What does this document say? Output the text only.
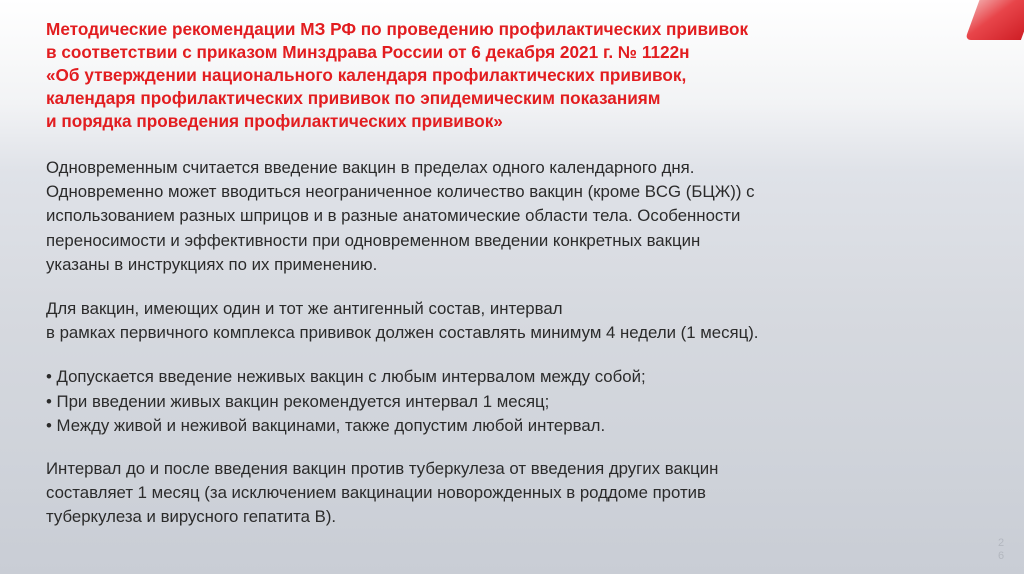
Методические рекомендации МЗ РФ по проведению профилактических прививок
в соответствии с приказом Минздрава России от 6 декабря 2021 г. № 1122н
«Об утверждении национального календаря профилактических прививок,
календаря профилактических прививок по эпидемическим показаниям
и порядка проведения профилактических прививок»

Одновременным считается введение вакцин в пределах одного календарного дня.
Одновременно может вводиться неограниченное количество вакцин (кроме BCG (БЦЖ)) с
использованием разных шприцов и в разные анатомические области тела. Особенности
переносимости и эффективности при одновременном введении конкретных вакцин
указаны в инструкциях по их применению.

Для вакцин, имеющих один и тот же антигенный состав, интервал
в рамках первичного комплекса прививок должен составлять минимум 4 недели (1 месяц).

• Допускается введение неживых вакцин с любым интервалом между собой;
• При введении живых вакцин рекомендуется интервал 1 месяц;
• Между живой и неживой вакцинами, также допустим любой интервал.

Интервал до и после введения вакцин против туберкулеза от введения других вакцин
составляет 1 месяц (за исключением вакцинации новорожденных в роддоме против
туберкулеза и вирусного гепатита В).

2
6
